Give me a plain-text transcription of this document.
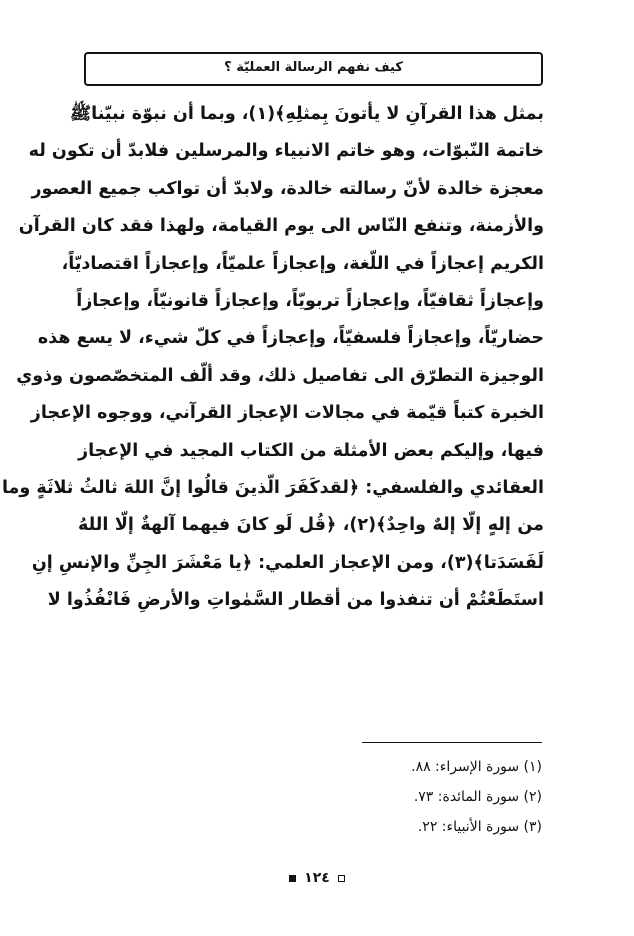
كيف نفهم الرسالة العمليّة ؟
بمثل هذا القرآنِ لا يأتونَ بِمثلِهِ﴾(١)، وبما أن نبوّة نبيّناﷺ
خاتمة النّبوّات، وهو خاتم الانبياء والمرسلين فلابدّ أن تكون له
معجزة خالدة لأنّ رسالته خالدة، ولابدّ أن تواكب جميع العصور
والأزمنة، وتنفع النّاس الى يوم القيامة، ولهذا فقد كان القرآن
الكريم إعجازاً في اللّغة، وإعجازاً علميّاً، وإعجازاً اقتصاديّاً،
وإعجازاً ثقافيّاً، وإعجازاً تربويّاً، وإعجازاً قانونيّاً، وإعجازاً
حضاريّاً، وإعجازاً فلسفيّاً، وإعجازاً في كلّ شيء، لا يسع هذه
الوجيزة التطرّق الى تفاصيل ذلك، وقد ألّف المتخصّصون وذوي
الخبرة كتباً قيّمة في مجالات الإعجاز القرآني، ووجوه الإعجاز
فيها، وإليكم بعض الأمثلة من الكتاب المجيد في الإعجاز
العقائدي والفلسفي: ﴿لقدكَفَرَ الّذينَ قالُوا إنَّ اللهَ ثالثُ ثلاثَةٍ وما
من إلهٍ إلّا إلهٌ واحِدٌ﴾(٢)، ﴿قُل لَو كانَ فيهما آلهةٌ إلّا اللهُ
لَفَسَدَتا﴾(٣)، ومن الإعجاز العلمي: ﴿يا مَعْشَرَ الجِنِّ والإنسِ إنِ
استَطَعْتُمْ أن تنفذوا من أقطار السَّمٰواتِ والأرضِ فَانْفُذُوا لا
(١) سورة الإسراء: ٨٨.
(٢) سورة المائدة: ٧٣.
(٣) سورة الأنبياء: ٢٢.
١٢٤
